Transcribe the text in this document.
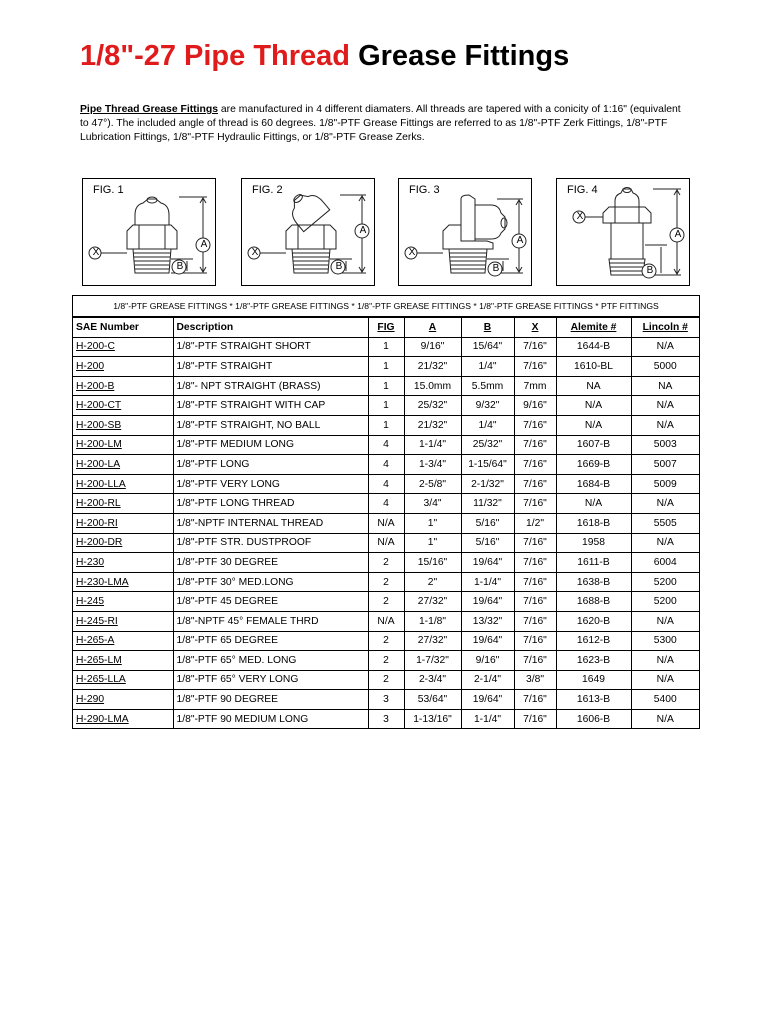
1/8"-27 Pipe Thread Grease Fittings
Pipe Thread Grease Fittings are manufactured in 4 different diamaters. All threads are tapered with a conicity of 1:16" (equivalent to 47°). The included angle of thread is 60 degrees. 1/8"-PTF Grease Fittings are referred to as 1/8"-PTF Zerk Fittings, 1/8"-PTF Lubrication Fittings, 1/8"-PTF Hydraulic Fittings, or 1/8"-PTF Grease Zerks.
FIG. 1
X
A
B
FIG. 2
X
A
B
FIG. 3
X
A
B
FIG. 4
X
A
B
1/8"-PTF GREASE FITTINGS * 1/8"-PTF GREASE FITTINGS * 1/8"-PTF GREASE FITTINGS * 1/8"-PTF GREASE FITTINGS * PTF FITTINGS
SAE Number	Description	FIG	A	B	X	Alemite #	Lincoln #
H-200-C	1/8"-PTF STRAIGHT SHORT	1	9/16"	15/64"	7/16"	1644-B	N/A
H-200	1/8"-PTF STRAIGHT	1	21/32"	1/4"	7/16"	1610-BL	5000
H-200-B	1/8"- NPT STRAIGHT (BRASS)	1	15.0mm	5.5mm	7mm	NA	NA
H-200-CT	1/8"-PTF STRAIGHT WITH CAP	1	25/32"	9/32"	9/16"	N/A	N/A
H-200-SB	1/8"-PTF STRAIGHT, NO BALL	1	21/32"	1/4"	7/16"	N/A	N/A
H-200-LM	1/8"-PTF MEDIUM LONG	4	1-1/4"	25/32"	7/16"	1607-B	5003
H-200-LA	1/8"-PTF LONG	4	1-3/4"	1-15/64"	7/16"	1669-B	5007
H-200-LLA	1/8"-PTF VERY LONG	4	2-5/8"	2-1/32"	7/16"	1684-B	5009
H-200-RL	1/8"-PTF LONG THREAD	4	3/4"	11/32"	7/16"	N/A	N/A
H-200-RI	1/8"-NPTF INTERNAL THREAD	N/A	1"	5/16"	1/2"	1618-B	5505
H-200-DR	1/8"-PTF STR. DUSTPROOF	N/A	1"	5/16"	7/16"	1958	N/A
H-230	1/8"-PTF 30 DEGREE	2	15/16"	19/64"	7/16"	1611-B	6004
H-230-LMA	1/8"-PTF 30° MED.LONG	2	2"	1-1/4"	7/16"	1638-B	5200
H-245	1/8"-PTF 45 DEGREE	2	27/32"	19/64"	7/16"	1688-B	5200
H-245-RI	1/8"-NPTF 45° FEMALE THRD	N/A	1-1/8"	13/32"	7/16"	1620-B	N/A
H-265-A	1/8"-PTF 65 DEGREE	2	27/32"	19/64"	7/16"	1612-B	5300
H-265-LM	1/8"-PTF 65° MED. LONG	2	1-7/32"	9/16"	7/16"	1623-B	N/A
H-265-LLA	1/8"-PTF 65° VERY LONG	2	2-3/4"	2-1/4"	3/8"	1649	N/A
H-290	1/8"-PTF 90 DEGREE	3	53/64"	19/64"	7/16"	1613-B	5400
H-290-LMA	1/8"-PTF 90 MEDIUM LONG	3	1-13/16"	1-1/4"	7/16"	1606-B	N/A
